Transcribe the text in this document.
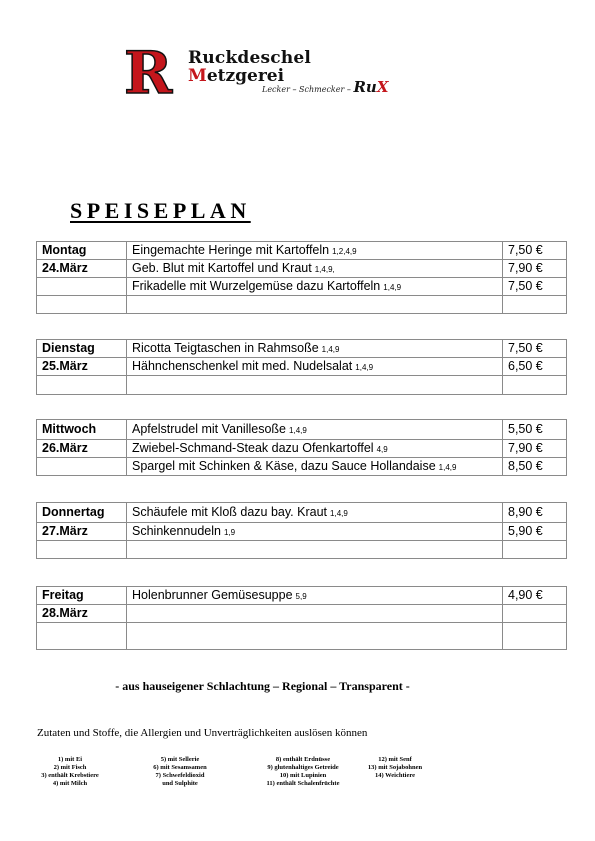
R Ruckdeschel
Metzgerei
Lecker – Schmecker – RuX
SPEISEPLAN
Montag	Eingemachte Heringe mit Kartoffeln 1,2,4,9	7,50 €
24.März	Geb. Blut mit Kartoffel und Kraut 1,4,9,	7,90 €
	Frikadelle mit Wurzelgemüse dazu Kartoffeln 1,4,9	7,50 €

Dienstag	Ricotta Teigtaschen in Rahmsoße 1,4,9	7,50 €
25.März	Hähnchenschenkel mit med. Nudelsalat 1,4,9	6,50 €

Mittwoch	Apfelstrudel mit Vanillesoße 1,4,9	5,50 €
26.März	Zwiebel-Schmand-Steak dazu Ofenkartoffel 4,9	7,90 €
	Spargel mit Schinken & Käse, dazu Sauce Hollandaise 1,4,9	8,50 €
Donnertag	Schäufele mit Kloß dazu bay. Kraut 1,4,9	8,90 €
27.März	Schinkennudeln 1,9	5,90 €

Freitag	Holenbrunner Gemüsesuppe 5,9	4,90 €
28.März		

- aus hauseigener Schlachtung – Regional – Transparent -
Zutaten und Stoffe, die Allergien und Unverträglichkeiten auslösen können
1) mit Ei
2) mit Fisch
3) enthält Krebstiere
4) mit Milch
5) mit Sellerie
6) mit Sesamsamen
7) Schwefeldioxid
und Sulphite
8) enthält Erdnüsse
9) glutenhaltiges Getreide
10) mit Lupinien
11) enthält Schalenfrüchte
12) mit Senf
13) mit Sojabohnen
14) Weichtiere
